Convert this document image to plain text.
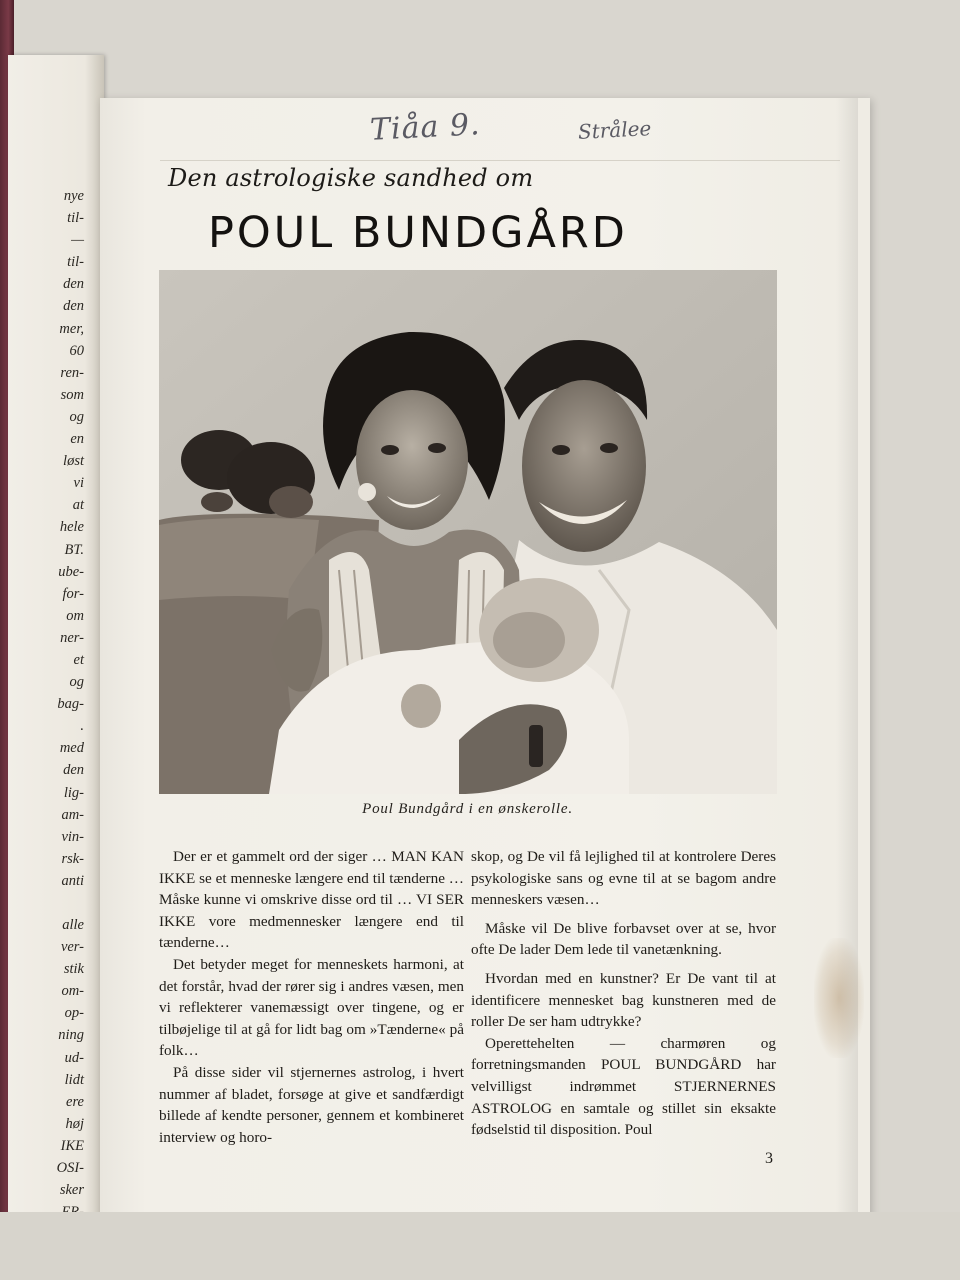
nye
til-
—
til-
den
den
mer,
60
ren-
som
og
en
løst
vi
at
hele
BT.
ube-
for-
om
ner-
et
og
bag-
.
med
den
lig-
am-
vin-
rsk-
anti
alle
ver-
stik
om-
op-
ning
ud-
lidt
ere
høj
IKE
OSI-
sker
Tiåa 9.	Strålee
Den astrologiske sandhed om
POUL BUNDGÅRD
Poul Bundgård i en ønskerolle.

Der er et gammelt ord der siger … MAN KAN IKKE se et menneske længere end til tænderne … Måske kunne vi omskrive disse ord til … VI SER IKKE vore medmennesker længere end til tænderne…

Det betyder meget for menneskets harmoni, at det forstår, hvad der rører sig i andres væsen, men vi reflekterer vanemæssigt over tingene, og er tilbøjelige til at gå for lidt bag om »Tænderne« på folk…

På disse sider vil stjernernes astrolog, i hvert nummer af bladet, forsøge at give et sandfærdigt billede af kendte personer, gennem et kombineret interview og horo-

skop, og De vil få lejlighed til at kontrolere Deres psykologiske sans og evne til at se bagom andre menneskers væsen…

Måske vil De blive forbavset over at se, hvor ofte De lader Dem lede til vanetænkning.

Hvordan med en kunstner? Er De vant til at identificere mennesket bag kunstneren med de roller De ser ham udtrykke?

Operettehelten — charmøren og forretningsmanden POUL BUNDGÅRD har velvilligst indrømmet STJERNERNES ASTROLOG en samtale og stillet sin eksakte fødselstid til disposition. Poul

3
